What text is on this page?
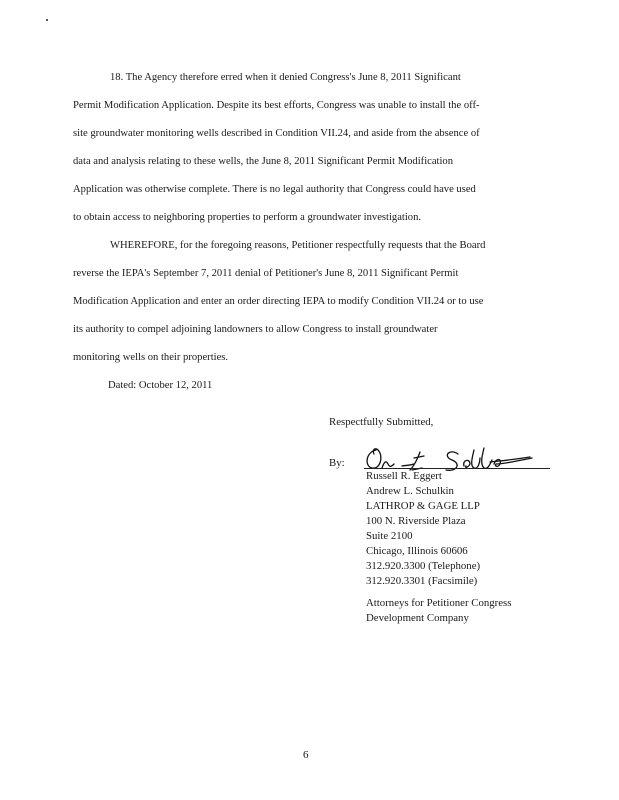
18. The Agency therefore erred when it denied Congress's June 8, 2011 Significant
Permit Modification Application. Despite its best efforts, Congress was unable to install the off-
site groundwater monitoring wells described in Condition VII.24, and aside from the absence of
data and analysis relating to these wells, the June 8, 2011 Significant Permit Modification
Application was otherwise complete. There is no legal authority that Congress could have used
to obtain access to neighboring properties to perform a groundwater investigation.
WHEREFORE, for the foregoing reasons, Petitioner respectfully requests that the Board
reverse the IEPA's September 7, 2011 denial of Petitioner's June 8, 2011 Significant Permit
Modification Application and enter an order directing IEPA to modify Condition VII.24 or to use
its authority to compel adjoining landowners to allow Congress to install groundwater
monitoring wells on their properties.
Dated: October 12, 2011
Respectfully Submitted,
By:
Russell R. Eggert
Andrew L. Schulkin
LATHROP & GAGE LLP
100 N. Riverside Plaza
Suite 2100
Chicago, Illinois 60606
312.920.3300 (Telephone)
312.920.3301 (Facsimile)
Attorneys for Petitioner Congress
Development Company
6
